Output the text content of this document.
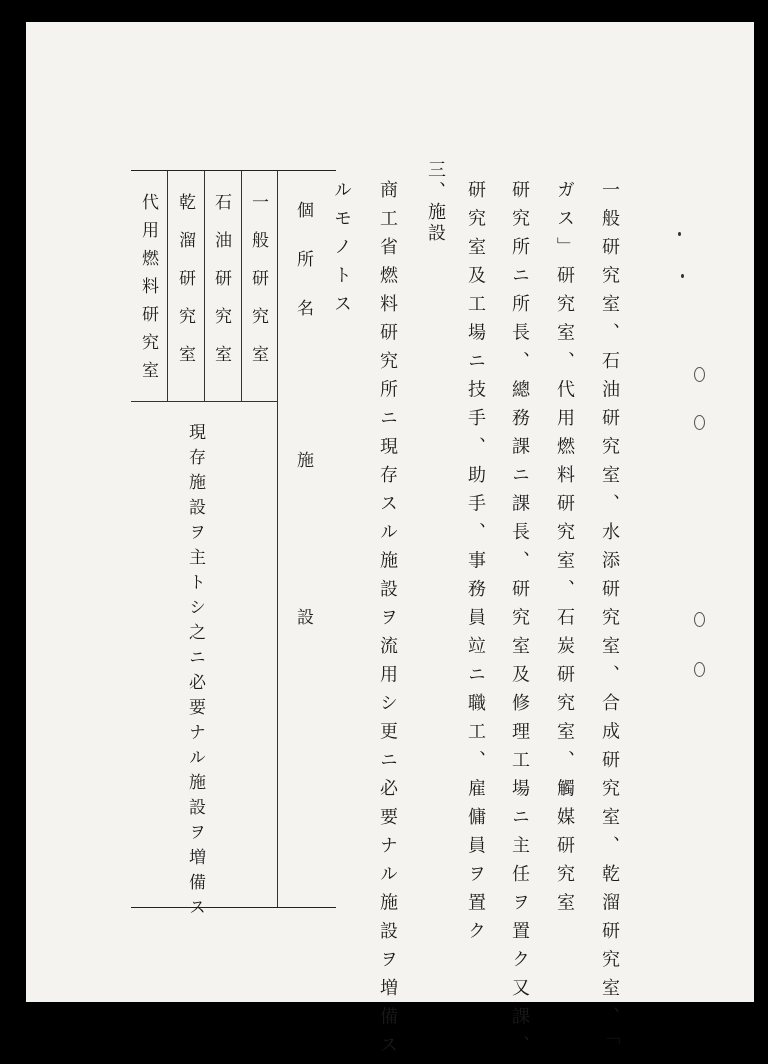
一般研究室、石油研究室、水添研究室、合成研究室、乾溜研究室、「
ガス」研究室、代用燃料研究室、石炭研究室、觸媒研究室
研究所ニ所長、總務課ニ課長、研究室及修理工場ニ主任ヲ置ク又課、
研究室及工場ニ技手、助手、事務員竝ニ職工、雇傭員ヲ置ク
三、施設
商工省燃料研究所ニ現存スル施設ヲ流用シ更ニ必要ナル施設ヲ増備ス
ルモノトス
個所名
施設
一般研究室
石油研究室
乾溜研究室
代用燃料研究室
現存施設ヲ主トシ之ニ必要ナル施設ヲ増備ス
